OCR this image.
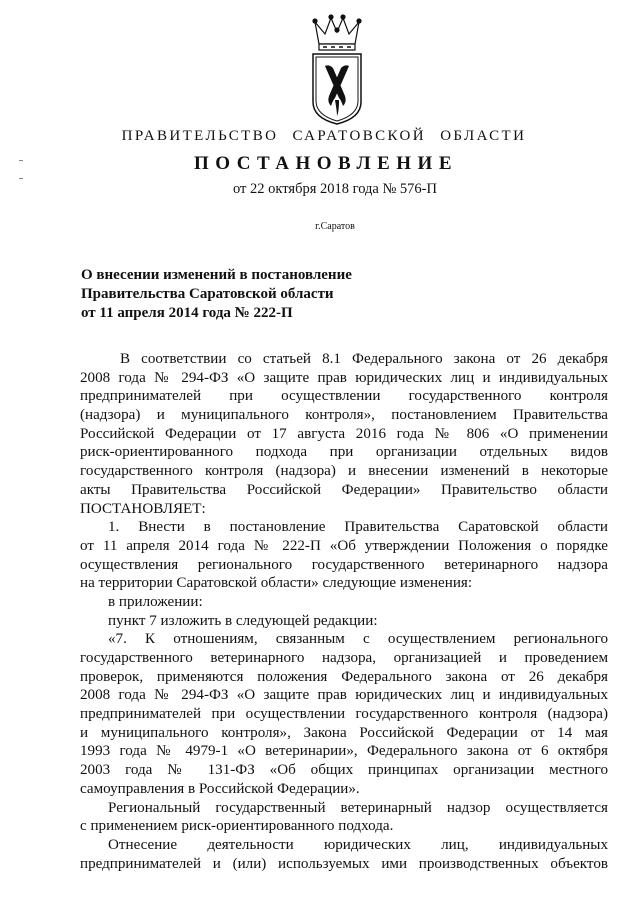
ПРАВИТЕЛЬСТВО САРАТОВСКОЙ ОБЛАСТИ
ПОСТАНОВЛЕНИЕ
от 22 октября 2018 года № 576-П
г.Саратов
О внесении изменений в постановление
Правительства Саратовской области
от 11 апреля 2014 года № 222-П
В соответствии со статьей 8.1 Федерального закона от 26 декабря
2008 года № 294-ФЗ «О защите прав юридических лиц и индивидуальных
предпринимателей при осуществлении государственного контроля
(надзора) и муниципального контроля», постановлением Правительства
Российской Федерации от 17 августа 2016 года № 806 «О применении
риск-ориентированного подхода при организации отдельных видов
государственного контроля (надзора) и внесении изменений в некоторые
акты Правительства Российской Федерации» Правительство области
ПОСТАНОВЛЯЕТ:
1. Внести в постановление Правительства Саратовской области
от 11 апреля 2014 года № 222-П «Об утверждении Положения о порядке
осуществления регионального государственного ветеринарного надзора
на территории Саратовской области» следующие изменения:
в приложении:
пункт 7 изложить в следующей редакции:
«7. К отношениям, связанным с осуществлением регионального
государственного ветеринарного надзора, организацией и проведением
проверок, применяются положения Федерального закона от 26 декабря
2008 года № 294-ФЗ «О защите прав юридических лиц и индивидуальных
предпринимателей при осуществлении государственного контроля (надзора)
и муниципального контроля», Закона Российской Федерации от 14 мая
1993 года № 4979-1 «О ветеринарии», Федерального закона от 6 октября
2003 года № 131-ФЗ «Об общих принципах организации местного
самоуправления в Российской Федерации».
Региональный государственный ветеринарный надзор осуществляется
с применением риск-ориентированного подхода.
Отнесение деятельности юридических лиц, индивидуальных
предпринимателей и (или) используемых ими производственных объектов
